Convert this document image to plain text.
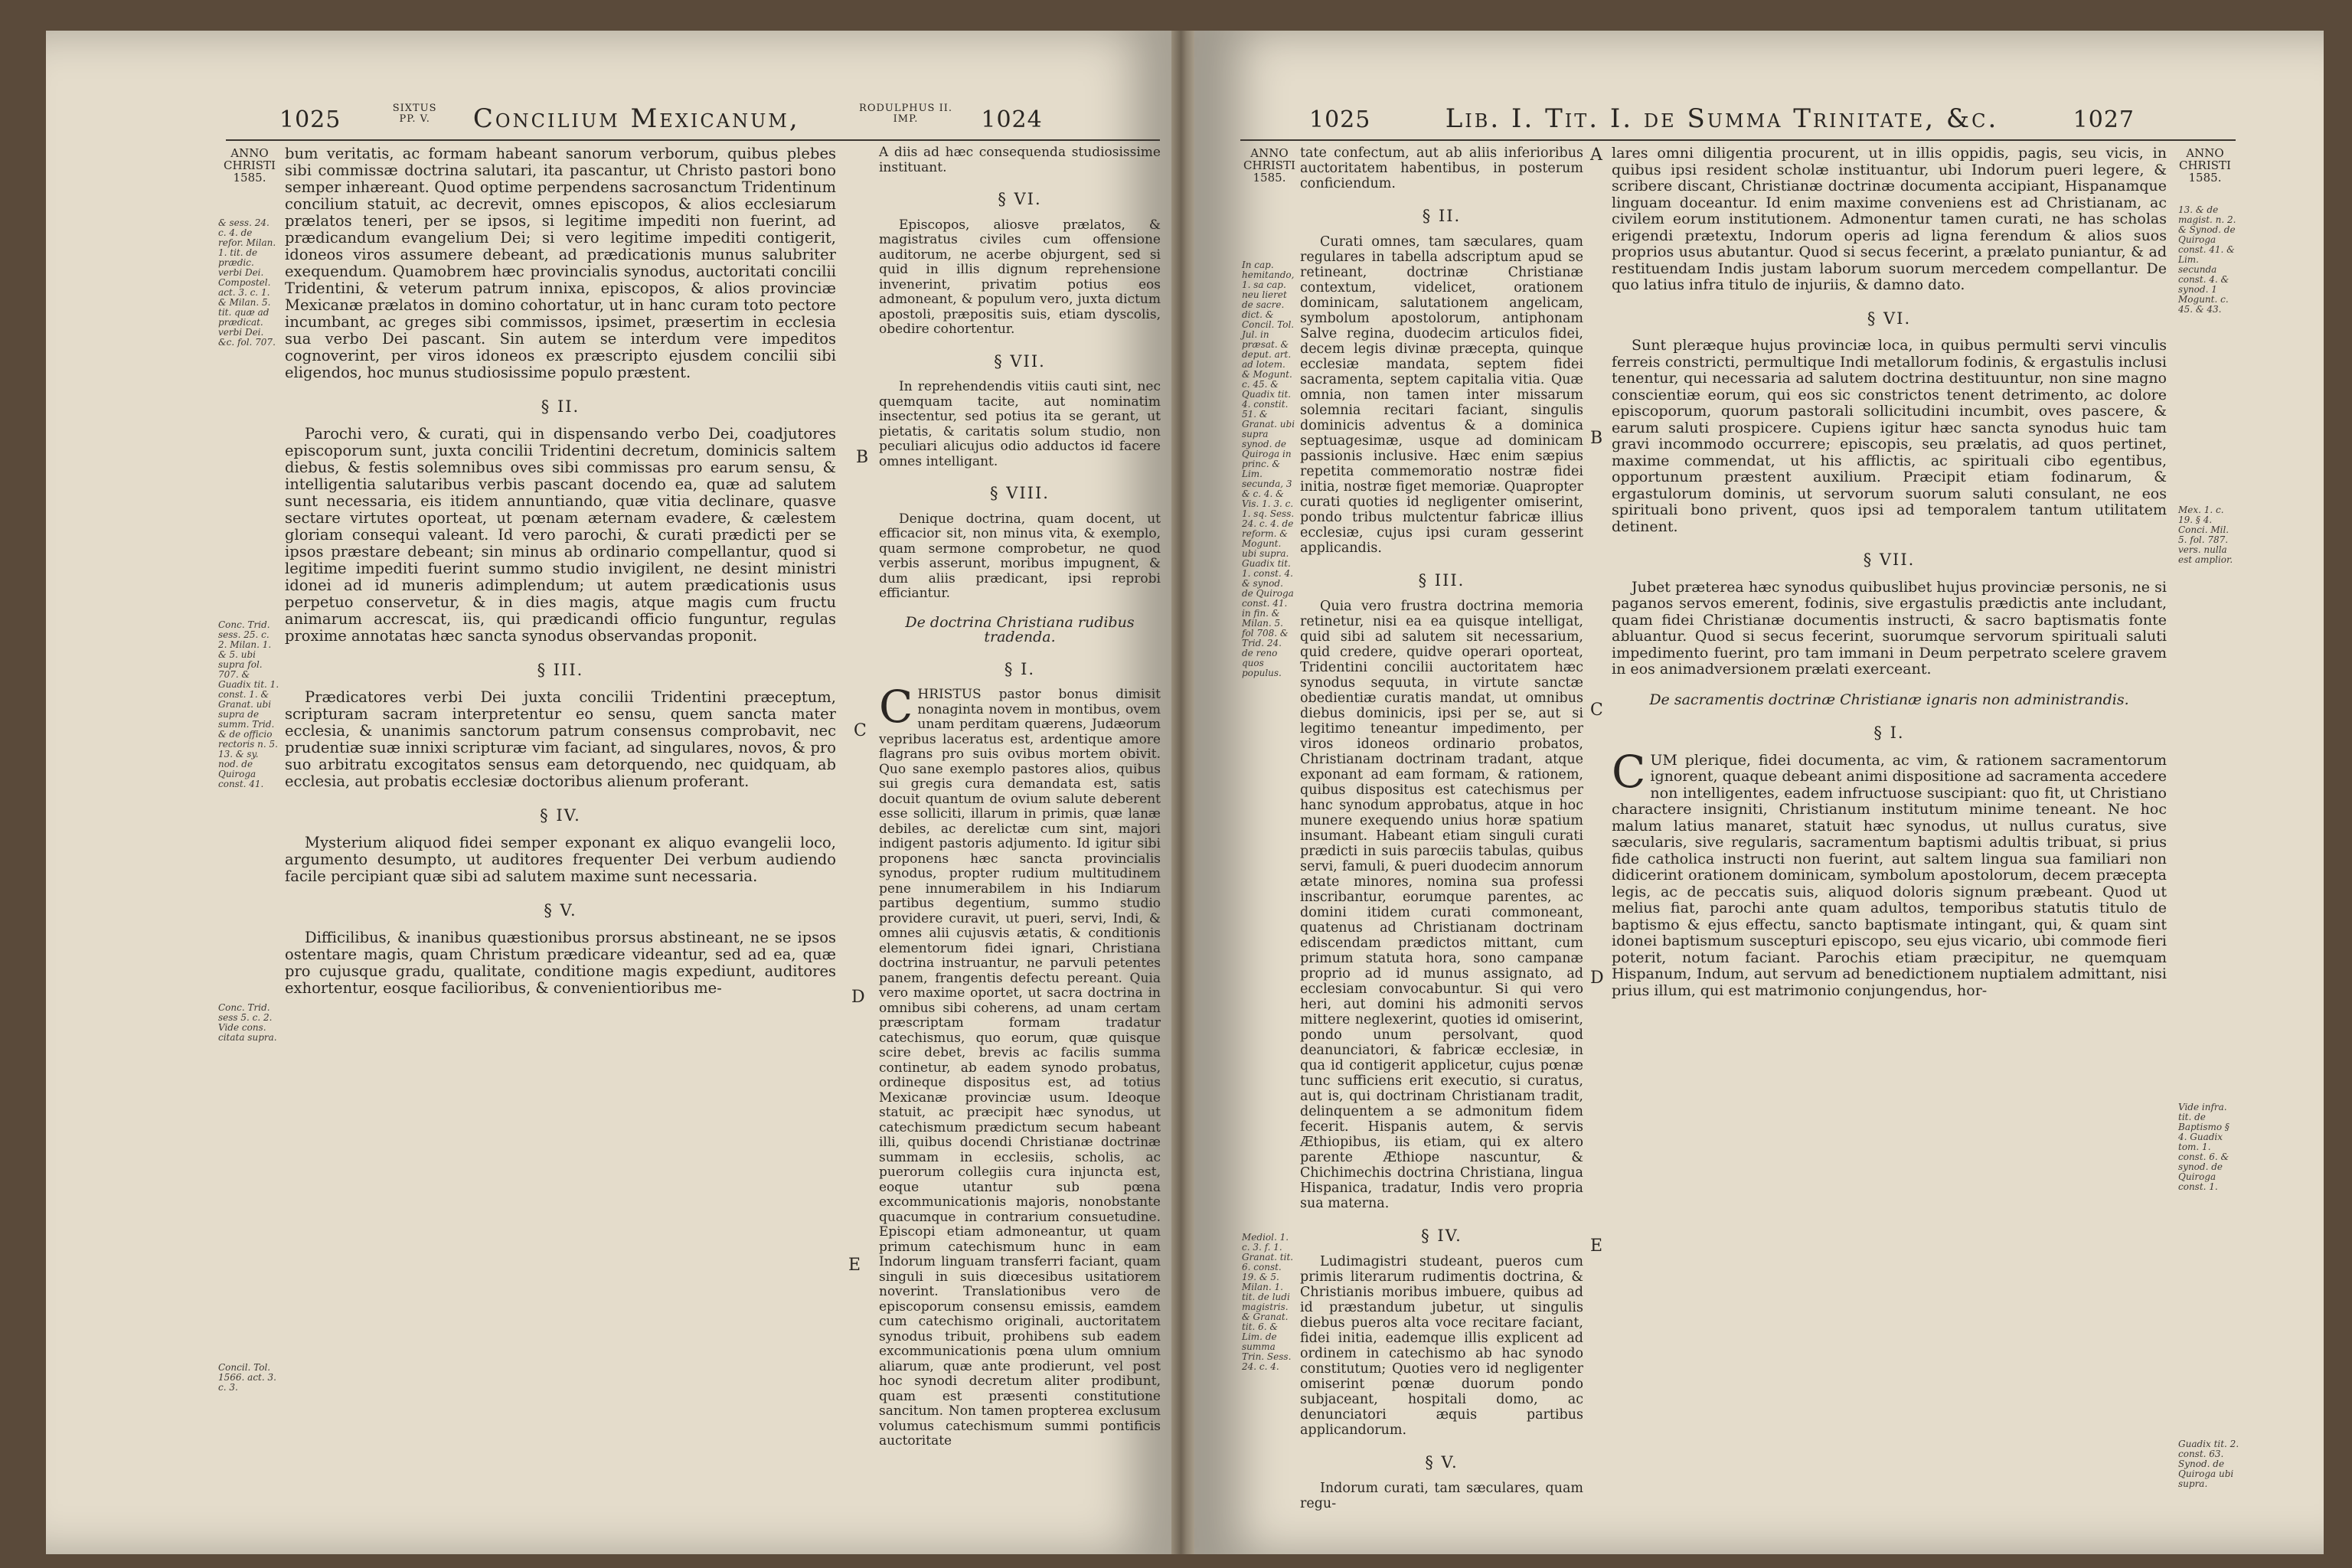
1025	SIXTUS
PP. V. Concilium Mexicanum,	RODULPHUS II.
IMP.	1024
ANNO CHRISTI 1585.
& sess. 24. c. 4. de refor. Milan. 1. tit. de prædic. verbi Dei. Compostel. act. 3. c. 1. & Milan. 5. tit. quæ ad prædicat. verbi Dei. &c. fol. 707.
Conc. Trid. sess. 25. c. 2. Milan. 1. & 5. ubi supra fol. 707. & Guadix tit. 1. const. 1. & Granat. ubi supra de summ. Trid. & de officio rectoris n. 5. 13. & sy. nod. de Quiroga const. 41.
Conc. Trid. sess 5. c. 2. Vide cons. citata supra.
Concil. Tol. 1566. act. 3. c. 3.
B
C
D
E

bum veritatis, ac formam habeant sanorum verborum, quibus plebes sibi commissæ doctrina salutari, ita pascantur, ut Christo pastori bono semper inhæreant. Quod optime perpendens sacrosanctum Tridentinum concilium statuit, ac decrevit, omnes episcopos, & alios ecclesiarum prælatos teneri, per se ipsos, si legitime impediti non fuerint, ad prædicandum evangelium Dei; si vero legitime impediti contigerit, idoneos viros assumere debeant, ad prædicationis munus salubriter exequendum. Quamobrem hæc provincialis synodus, auctoritati concilii Tridentini, & veterum patrum innixa, episcopos, & alios provinciæ Mexicanæ prælatos in domino cohortatur, ut in hanc curam toto pectore incumbant, ac greges sibi commissos, ipsimet, præsertim in ecclesia sua verbo Dei pascant. Sin autem se interdum vere impeditos cognoverint, per viros idoneos ex præscripto ejusdem concilii sibi eligendos, hoc munus studiosissime populo præstent.

§ II.

Parochi vero, & curati, qui in dispensando verbo Dei, coadjutores episcoporum sunt, juxta concilii Tridentini decretum, dominicis saltem diebus, & festis solemnibus oves sibi commissas pro earum sensu, & intelligentia salutaribus verbis pascant docendo ea, quæ ad salutem sunt necessaria, eis itidem annuntiando, quæ vitia declinare, quasve sectare virtutes oporteat, ut pœnam æternam evadere, & cælestem gloriam consequi valeant. Id vero parochi, & curati prædicti per se ipsos præstare debeant; sin minus ab ordinario compellantur, quod si legitime impediti fuerint summo studio invigilent, ne desint ministri idonei ad id muneris adimplendum; ut autem prædicationis usus perpetuo conservetur, & in dies magis, atque magis cum fructu animarum accrescat, iis, qui prædicandi officio funguntur, regulas proxime annotatas hæc sancta synodus observandas proponit.

§ III.

Prædicatores verbi Dei juxta concilii Tridentini præceptum, scripturam sacram interpretentur eo sensu, quem sancta mater ecclesia, & unanimis sanctorum patrum consensus comprobavit, nec prudentiæ suæ innixi scripturæ vim faciant, ad singulares, novos, & pro suo arbitratu excogitatos sensus eam detorquendo, nec quidquam, ab ecclesia, aut probatis ecclesiæ doctoribus alienum proferant.

§ IV.

Mysterium aliquod fidei semper exponant ex aliquo evangelii loco, argumento desumpto, ut auditores frequenter Dei verbum audiendo facile percipiant quæ sibi ad salutem maxime sunt necessaria.

§ V.

Difficilibus, & inanibus quæstionibus prorsus abstineant, ne se ipsos ostentare magis, quam Christum prædicare videantur, sed ad ea, quæ pro cujusque gradu, qualitate, conditione magis expediunt, auditores exhortentur, eosque facilioribus, & convenientioribus me-

A diis ad hæc consequenda studiosissime instituant.

§ VI.

Episcopos, aliosve prælatos, & magistratus civiles cum offensione auditorum, ne acerbe objurgent, sed si quid in illis dignum reprehensione invenerint, privatim potius eos admoneant, & populum vero, juxta dictum apostoli, præpositis suis, etiam dyscolis, obedire cohortentur.

§ VII.

In reprehendendis vitiis cauti sint, nec quemquam tacite, aut nominatim insectentur, sed potius ita se gerant, ut pietatis, & caritatis solum studio, non peculiari alicujus odio adductos id facere omnes intelligant.

§ VIII.

Denique doctrina, quam docent, ut efficacior sit, non minus vita, & exemplo, quam sermone comprobetur, ne quod verbis asserunt, moribus impugnent, & dum aliis prædicant, ipsi reprobi efficiantur.

De doctrina Christiana rudibus tradenda.
§ I.

CHRISTUS pastor bonus dimisit nonaginta novem in montibus, ovem unam perditam quærens, Judæorum vepribus laceratus est, ardentique amore flagrans pro suis ovibus mortem obivit. Quo sane exemplo pastores alios, quibus sui gregis cura demandata est, satis docuit quantum de ovium salute deberent esse solliciti, illarum in primis, quæ lanæ debiles, ac derelictæ cum sint, majori indigent pastoris adjumento. Id igitur sibi proponens hæc sancta provincialis synodus, propter rudium multitudinem pene innumerabilem in his Indiarum partibus degentium, summo studio providere curavit, ut pueri, servi, Indi, & omnes alii cujusvis ætatis, & conditionis elementorum fidei ignari, Christiana doctrina instruantur, ne parvuli petentes panem, frangentis defectu pereant. Quia vero maxime oportet, ut sacra doctrina in omnibus sibi coherens, ad unam certam præscriptam formam tradatur catechismus, quo eorum, quæ quisque scire debet, brevis ac facilis summa continetur, ab eadem synodo probatus, ordineque dispositus est, ad totius Mexicanæ provinciæ usum. Ideoque statuit, ac præcipit hæc synodus, ut catechismum prædictum secum habeant illi, quibus docendi Christianæ doctrinæ summam in ecclesiis, scholis, ac puerorum collegiis cura injuncta est, eoque utantur sub pœna excommunicationis majoris, nonobstante quacumque in contrarium consuetudine. Episcopi etiam admoneantur, ut quam primum catechismum hunc in eam Indorum linguam transferri faciant, quam singuli in suis diœcesibus usitatiorem noverint. Translationibus vero de episcoporum consensu emissis, eamdem cum catechismo originali, auctoritatem synodus tribuit, prohibens sub eadem excommunicationis pœna ulum omnium aliarum, quæ ante prodierunt, vel post hoc synodi decretum aliter prodibunt, quam est præsenti constitutione sancitum. Non tamen propterea exclusum volumus catechismum summi pontificis auctoritate

1025	Lib. I. Tit. I. de Summa Trinitate, &c.	1027
ANNO CHRISTI 1585.
ANNO CHRISTI 1585.
In cap. hemitando, 1. sa cap. neu lieret de sacre. dict. & Concil. Tol. Jul. in præsat. & deput. art. ad lotem. & Mogunt. c. 45. & Quadix tit. 4. constit. 51. & Granat. ubi supra synod. de Quiroga in princ. & Lim. secunda, 3 & c. 4. & Vis. 1. 3. c. 1. sq. Sess. 24. c. 4. de reform. & Mogunt. ubi supra. Guadix tit. 1. const. 4. & synod. de Quiroga const. 41. in fin. & Milan. 5. fol 708. & Trid. 24. de reno quos populus.
Mediol. 1. c. 3. f. 1. Granat. tit. 6. const. 19. & 5. Milan. 1. tit. de ludi magistris. & Granat. tit. 6. & Lim. de summa Trin. Sess. 24. c. 4.
13. & de magist. n. 2. & Synod. de Quiroga const. 41. & Lim. secunda const. 4. & synod. 1 Mogunt. c. 45. & 43.
Mex. 1. c. 19. § 4. Conci. Mil. 5. fol. 787. vers. nulla est amplior.
Vide infra. tit. de Baptismo § 4. Guadix tom. 1. const. 6. & synod. de Quiroga const. 1.
Guadix tit. 2. const. 63. Synod. de Quiroga ubi supra.
A
B
C
D
E

tate confectum, aut ab aliis inferioribus auctoritatem habentibus, in posterum conficiendum.

§ II.

Curati omnes, tam sæculares, quam regulares in tabella adscriptum apud se retineant, doctrinæ Christianæ contextum, videlicet, orationem dominicam, salutationem angelicam, symbolum apostolorum, antiphonam Salve regina, duodecim articulos fidei, decem legis divinæ præcepta, quinque ecclesiæ mandata, septem fidei sacramenta, septem capitalia vitia. Quæ omnia, non tamen inter missarum solemnia recitari faciant, singulis dominicis adventus & a dominica septuagesimæ, usque ad dominicam passionis inclusive. Hæc enim sæpius repetita commemoratio nostræ fidei initia, nostræ figet memoriæ. Quapropter curati quoties id negligenter omiserint, pondo tribus mulctentur fabricæ illius ecclesiæ, cujus ipsi curam gesserint applicandis.

§ III.

Quia vero frustra doctrina memoria retinetur, nisi ea ea quisque intelligat, quid sibi ad salutem sit necessarium, quid credere, quidve operari oporteat, Tridentini concilii auctoritatem hæc synodus sequuta, in virtute sanctæ obedientiæ curatis mandat, ut omnibus diebus dominicis, ipsi per se, aut si legitimo teneantur impedimento, per viros idoneos ordinario probatos, Christianam doctrinam tradant, atque exponant ad eam formam, & rationem, quibus dispositus est catechismus per hanc synodum approbatus, atque in hoc munere exequendo unius horæ spatium insumant. Habeant etiam singuli curati prædicti in suis parœciis tabulas, quibus servi, famuli, & pueri duodecim annorum ætate minores, nomina sua professi inscribantur, eorumque parentes, ac domini itidem curati commoneant, quatenus ad Christianam doctrinam ediscendam prædictos mittant, cum primum statuta hora, sono campanæ proprio ad id munus assignato, ad ecclesiam convocabuntur. Si qui vero heri, aut domini his admoniti servos mittere neglexerint, quoties id omiserint, pondo unum persolvant, quod deanunciatori, & fabricæ ecclesiæ, in qua id contigerit applicetur, cujus pœnæ tunc sufficiens erit executio, si curatus, aut is, qui doctrinam Christianam tradit, delinquentem a se admonitum fidem fecerit. Hispanis autem, & servis Æthiopibus, iis etiam, qui ex altero parente Æthiope nascuntur, & Chichimechis doctrina Christiana, lingua Hispanica, tradatur, Indis vero propria sua materna.

§ IV.

Ludimagistri studeant, pueros cum primis literarum rudimentis doctrina, & Christianis moribus imbuere, quibus ad id præstandum jubetur, ut singulis diebus pueros alta voce recitare faciant, fidei initia, eademque illis explicent ad ordinem in catechismo ab hac synodo constitutum; Quoties vero id negligenter omiserint pœnæ duorum pondo subjaceant, hospitali domo, ac denunciatori æquis partibus applicandorum.

§ V.

Indorum curati, tam sæculares, quam regu-

lares omni diligentia procurent, ut in illis oppidis, pagis, seu vicis, in quibus ipsi resident scholæ instituantur, ubi Indorum pueri legere, & scribere discant, Christianæ doctrinæ documenta accipiant, Hispanamque linguam doceantur. Id enim maxime conveniens est ad Christianam, ac civilem eorum institutionem. Admonentur tamen curati, ne has scholas erigendi prætextu, Indorum operis ad ligna ferendum & alios suos proprios usus abutantur. Quod si secus fecerint, a prælato puniantur, & ad restituendam Indis justam laborum suorum mercedem compellantur. De quo latius infra titulo de injuriis, & damno dato.

§ VI.

Sunt pleræque hujus provinciæ loca, in quibus permulti servi vinculis ferreis constricti, permultique Indi metallorum fodinis, & ergastulis inclusi tenentur, qui necessaria ad salutem doctrina destituuntur, non sine magno conscientiæ eorum, qui eos sic constrictos tenent detrimento, ac dolore episcoporum, quorum pastorali sollicitudini incumbit, oves pascere, & earum saluti prospicere. Cupiens igitur hæc sancta synodus huic tam gravi incommodo occurrere; episcopis, seu prælatis, ad quos pertinet, maxime commendat, ut his afflictis, ac spirituali cibo egentibus, opportunum præstent auxilium. Præcipit etiam fodinarum, & ergastulorum dominis, ut servorum suorum saluti consulant, ne eos spirituali bono privent, quos ipsi ad temporalem tantum utilitatem detinent.

§ VII.

Jubet præterea hæc synodus quibuslibet hujus provinciæ personis, ne si paganos servos emerent, fodinis, sive ergastulis prædictis ante includant, quam fidei Christianæ documentis instructi, & sacro baptismatis fonte abluantur. Quod si secus fecerint, suorumque servorum spirituali saluti impedimento fuerint, pro tam immani in Deum perpetrato scelere gravem in eos animadversionem prælati exerceant.

De sacramentis doctrinæ Christianæ ignaris non administrandis.
§ I.

CUM plerique, fidei documenta, ac vim, & rationem sacramentorum ignorent, quaque debeant animi dispositione ad sacramenta accedere non intelligentes, eadem infructuose suscipiant: quo fit, ut Christiano charactere insigniti, Christianum institutum minime teneant. Ne hoc malum latius manaret, statuit hæc synodus, ut nullus curatus, sive sæcularis, sive regularis, sacramentum baptismi adultis tribuat, si prius fide catholica instructi non fuerint, aut saltem lingua sua familiari non didicerint orationem dominicam, symbolum apostolorum, decem præcepta legis, ac de peccatis suis, aliquod doloris signum præbeant. Quod ut melius fiat, parochi ante quam adultos, temporibus statutis titulo de baptismo & ejus effectu, sancto baptismate intingant, qui, & quam sint idonei baptismum suscepturi episcopo, seu ejus vicario, ubi commode fieri poterit, notum faciant. Parochis etiam præcipitur, ne quemquam Hispanum, Indum, aut servum ad benedictionem nuptialem admittant, nisi prius illum, qui est matrimonio conjungendus, hor-
